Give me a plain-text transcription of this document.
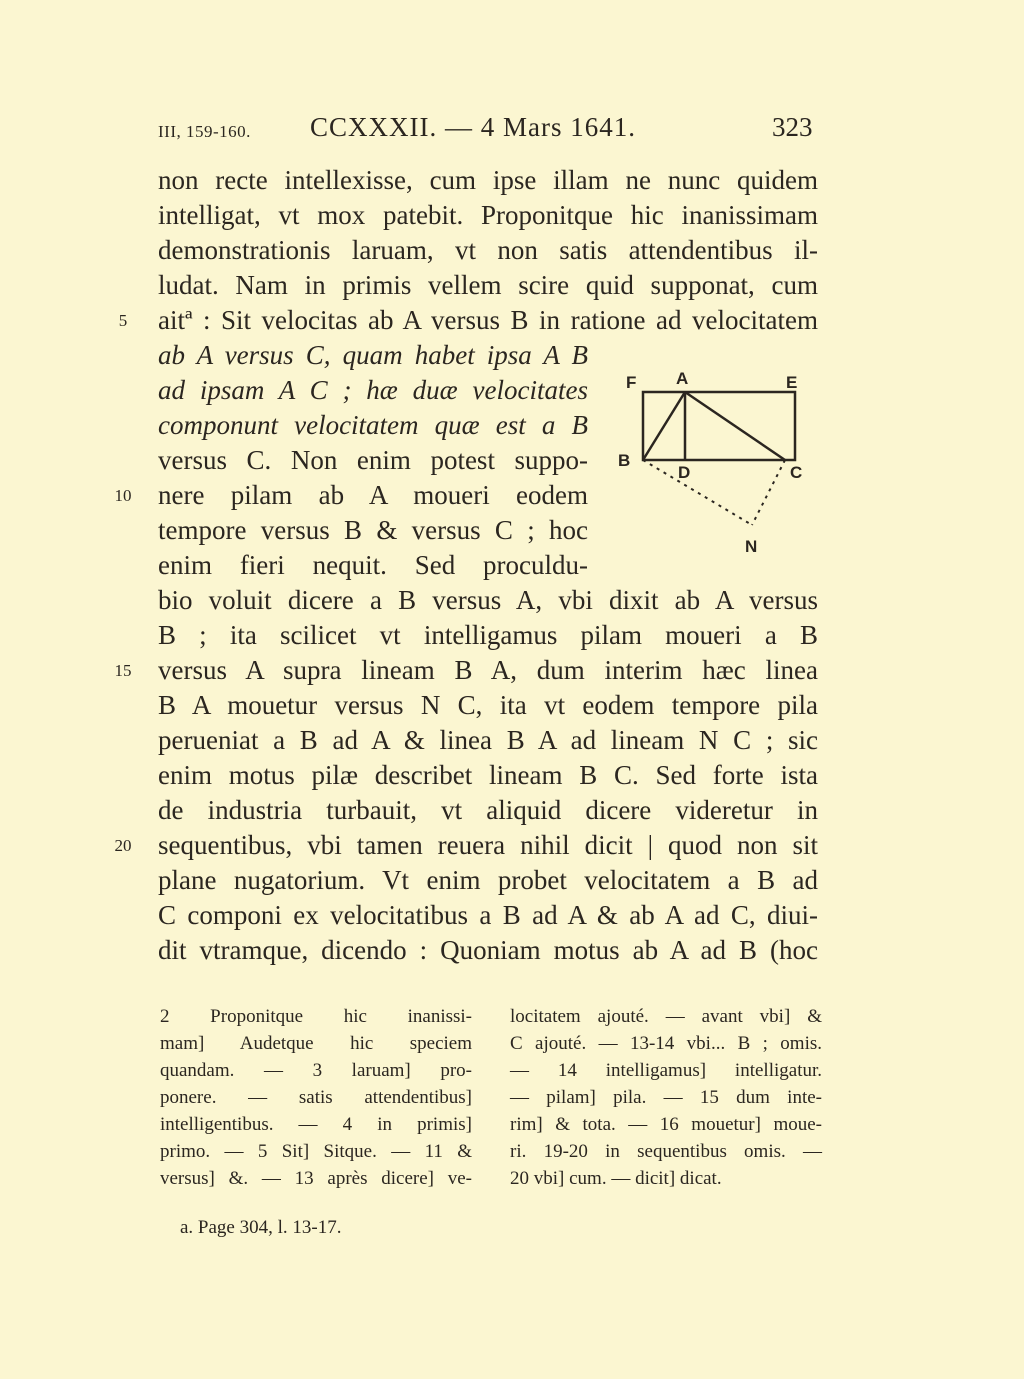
III, 159-160. CCXXXII. — 4 Mars 1641.	323
non recte intellexisse, cum ipse illam ne nunc quidem
intelligat, vt mox patebit. Proponitque hic inanissimam
demonstrationis laruam, vt non satis attendentibus il-
ludat. Nam in primis vellem scire quid supponat, cum
aitª : Sit velocitas ab A versus B in ratione ad velocitatem
ab A versus C, quam habet ipsa A B
ad ipsam A C ; hæ duæ velocitates
componunt velocitatem quæ est a B
versus C. Non enim potest suppo-
nere pilam ab A moueri eodem
tempore versus B & versus C ; hoc
enim fieri nequit. Sed proculdu-
bio voluit dicere a B versus A, vbi dixit ab A versus
B ; ita scilicet vt intelligamus pilam moueri a B
versus A supra lineam B A, dum interim hæc linea
B A mouetur versus N C, ita vt eodem tempore pila
perueniat a B ad A & linea B A ad lineam N C ; sic
enim motus pilæ describet lineam B C. Sed forte ista
de industria turbauit, vt aliquid dicere videretur in
sequentibus, vbi tamen reuera nihil dicit | quod non sit
plane nugatorium. Vt enim probet velocitatem a B ad
C componi ex velocitatibus a B ad A & ab A ad C, diui-
dit vtramque, dicendo : Quoniam motus ab A ad B (hoc
5
10
15
20
F A	E
B
D	C
N
2 Proponitque hic inanissi-
mam] Audetque hic speciem
quandam. — 3 laruam] pro-
ponere. — satis attendentibus]
intelligentibus. — 4 in primis]
primo. — 5 Sit] Sitque. — 11 &
versus] &. — 13 après dicere] ve-
locitatem ajouté. — avant vbi] &
C ajouté. — 13-14 vbi... B ; omis.
— 14 intelligamus] intelligatur.
— pilam] pila. — 15 dum inte-
rim] & tota. — 16 mouetur] moue-
ri. 19-20 in sequentibus omis. —
20 vbi] cum. — dicit] dicat.
a. Page 304, l. 13-17.
